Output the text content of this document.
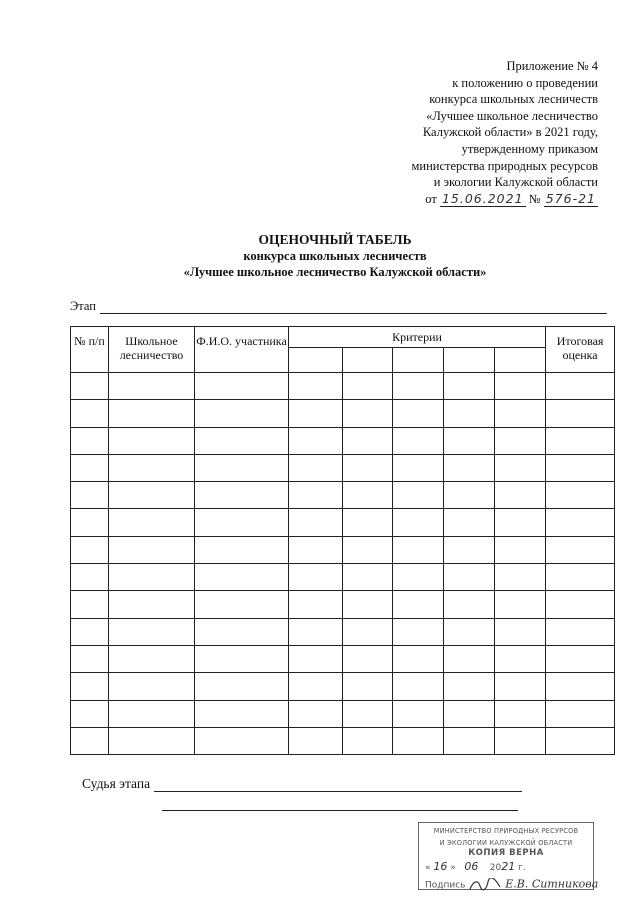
Приложение № 4
к положению о проведении
конкурса школьных лесничеств
«Лучшее школьное лесничество
Калужской области» в 2021 году,
утвержденному приказом
министерства природных ресурсов
и экологии Калужской области
от 15.06.2021 № 576-21
ОЦЕНОЧНЫЙ ТАБЕЛЬ
конкурса школьных лесничеств
«Лучшее школьное лесничество Калужской области»
Этап
№ п/п	Школьное лесничество	Ф.И.О. участника	Критерии					Итоговая оценка

Судья этапа
МИНИСТЕРСТВО ПРИРОДНЫХ РЕСУРСОВ
И ЭКОЛОГИИ КАЛУЖСКОЙ ОБЛАСТИ
КОПИЯ ВЕРНА
« 16 »   06 2021 г.
Подпись	Е.В. Ситникова
